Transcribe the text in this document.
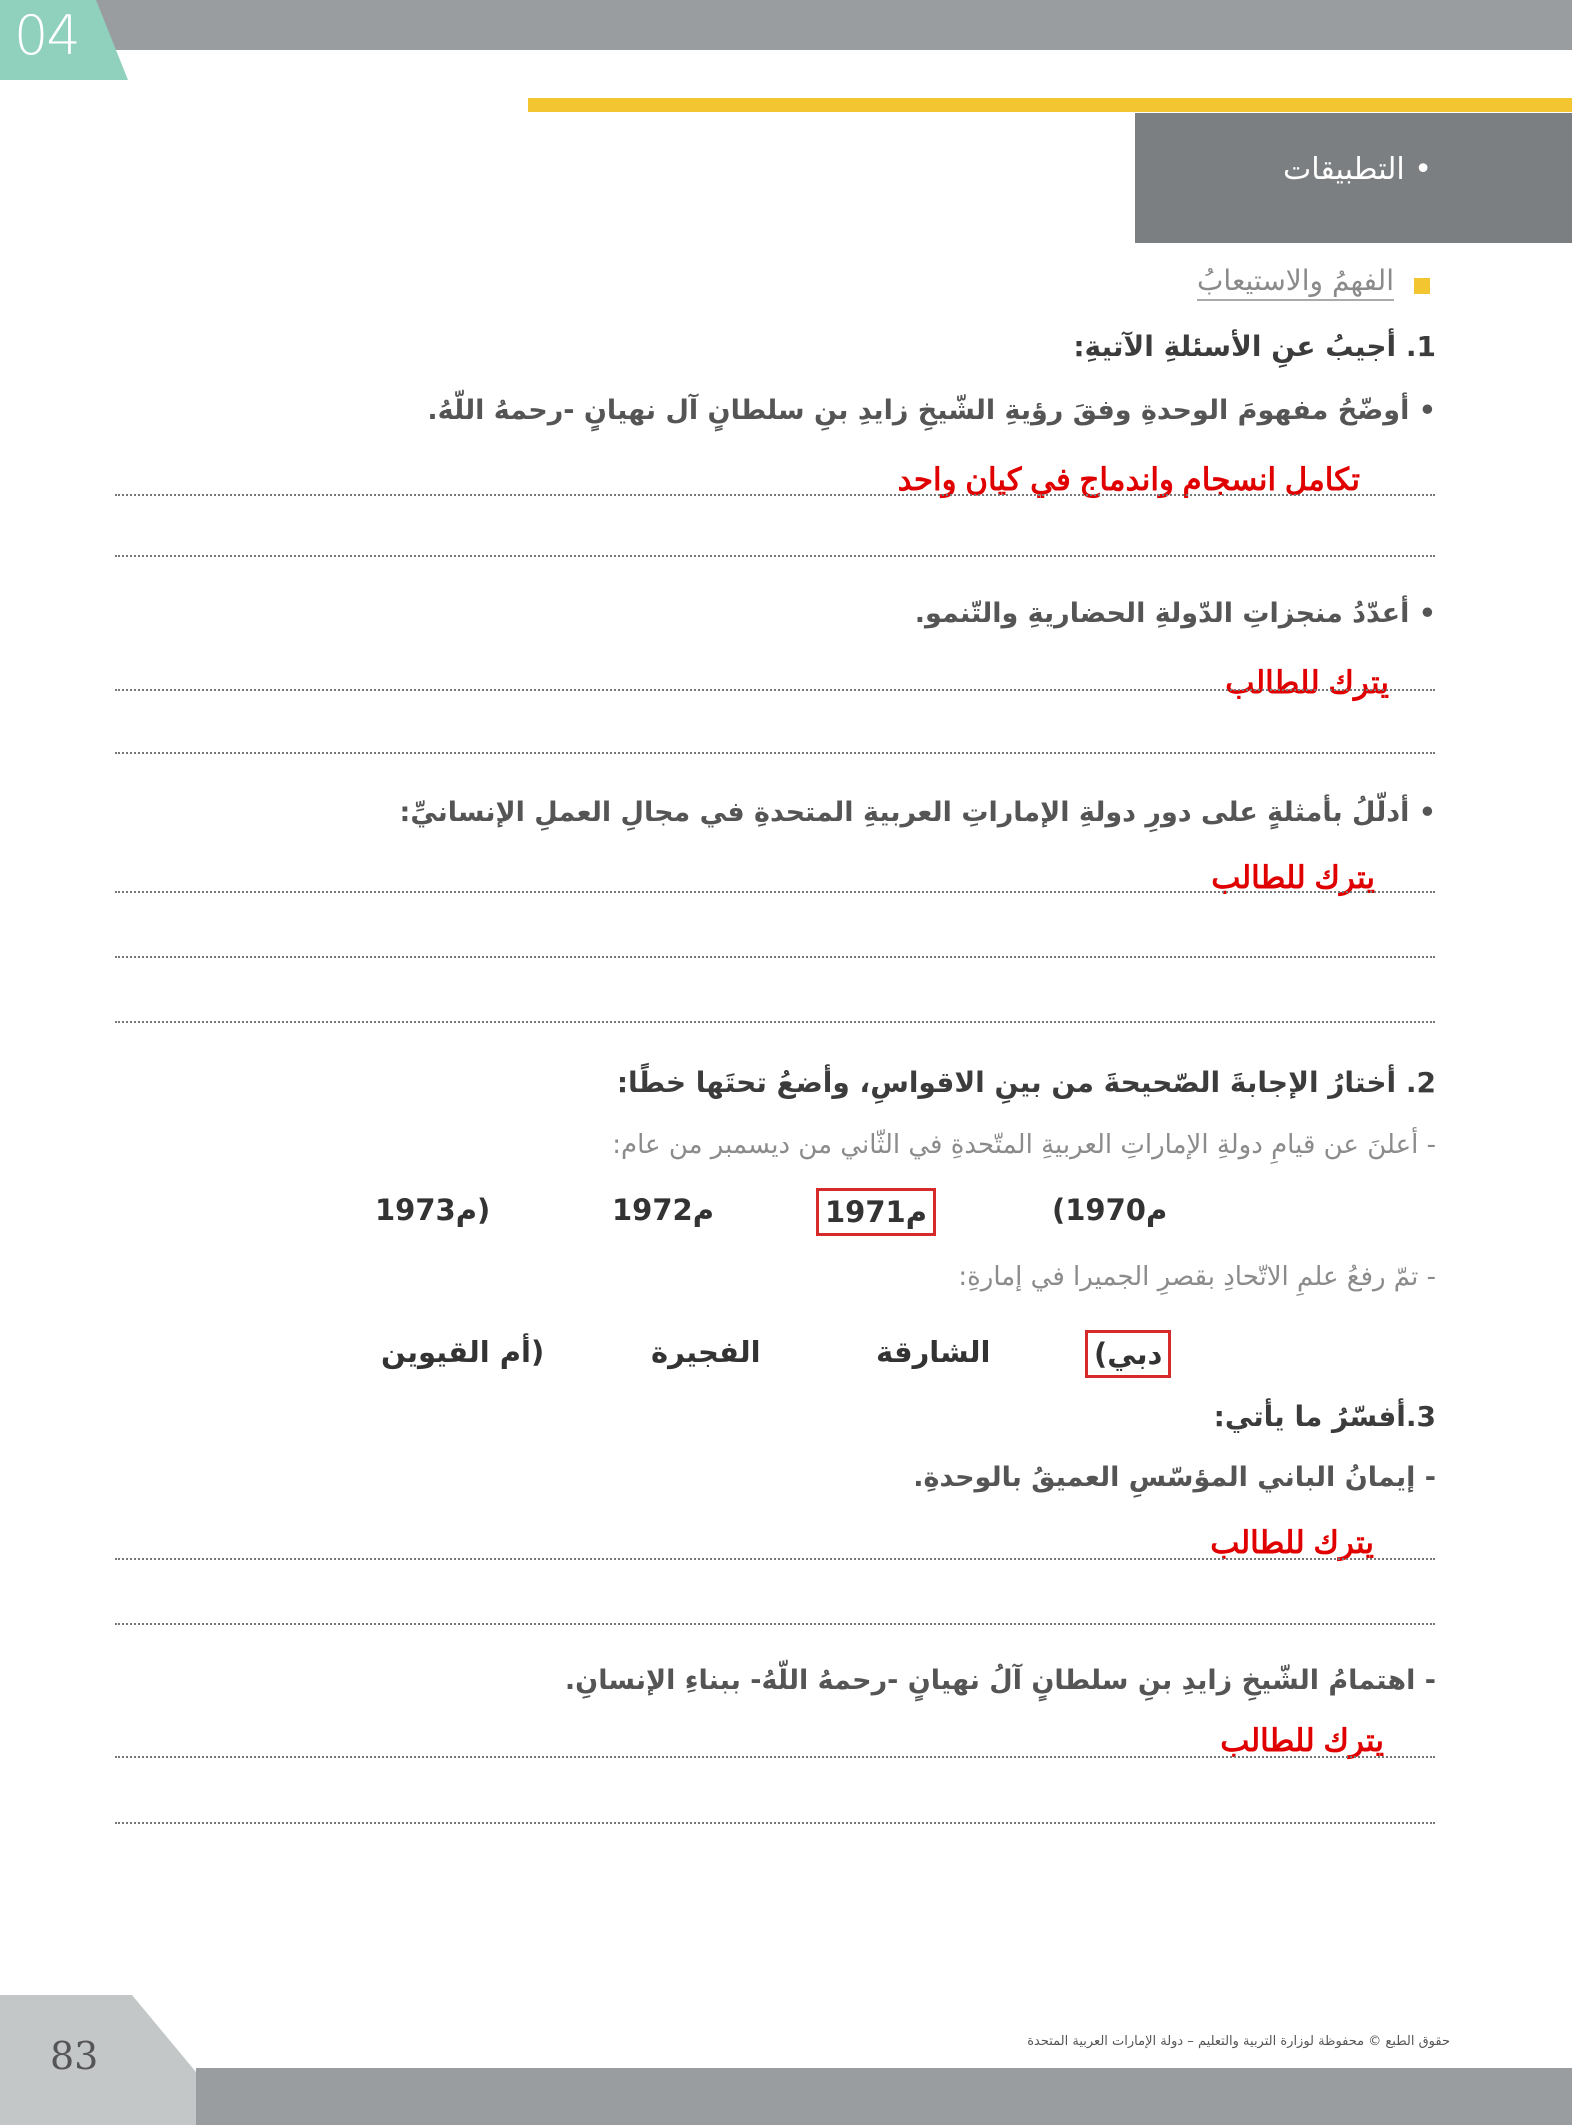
04
• التطبيقات
الفهمُ والاستيعابُ
1. أجيبُ عنِ الأسئلةِ الآتيةِ:
• أوضّحُ مفهومَ الوحدةِ وفقَ رؤيةِ الشّيخِ زايدِ بنِ سلطانٍ آل نهيانٍ -رحمهُ اللّهُ.
تكامل انسجام واندماج في كيان واحد
• أعدّدُ منجزاتِ الدّولةِ الحضاريةِ والتّنمو.
يترك للطالب
• أدلّلُ بأمثلةٍ على دورِ دولةِ الإماراتِ العربيةِ المتحدةِ في مجالِ العملِ الإنسانيِّ:
يترك للطالب
2. أختارُ الإجابةَ الصّحيحةَ من بينِ الاقواسِ، وأضعُ تحتَها خطًا:
- أعلنَ عن قيامِ دولةِ الإماراتِ العربيةِ المتّحدةِ في الثّاني من ديسمبر من عام:
(1970م
1971م
1972م
1973م)
- تمّ رفعُ علمِ الاتّحادِ بقصرِ الجميرا في إمارةِ:
(دبي
الشارقة
الفجيرة
أم القيوين)
3.أفسّرُ ما يأتي:
- إيمانُ الباني المؤسّسِ العميقُ بالوحدةِ.
يترك للطالب
- اهتمامُ الشّيخِ زايدِ بنِ سلطانٍ آلُ نهيانٍ -رحمهُ اللّهُ- ببناءِ الإنسانِ.
يترك للطالب
83	حقوق الطبع © محفوظة لوزارة التربية والتعليم – دولة الإمارات العربية المتحدة
